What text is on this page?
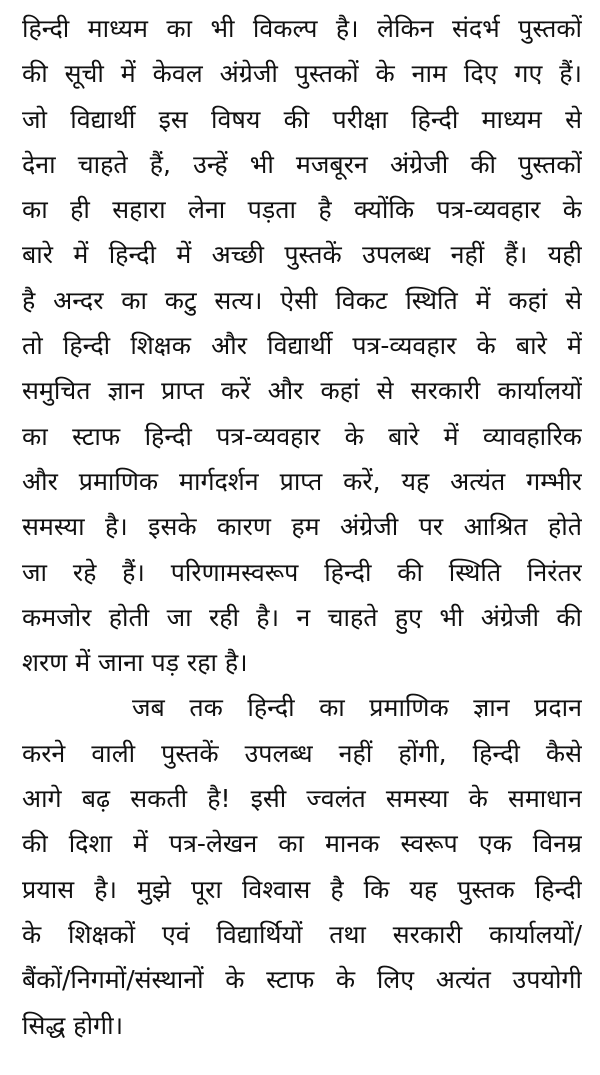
हिन्दी माध्यम का भी विकल्प है। लेकिन संदर्भ पुस्तकों
की सूची में केवल अंग्रेजी पुस्तकों के नाम दिए गए हैं।
जो विद्यार्थी इस विषय की परीक्षा हिन्दी माध्यम से
देना चाहते हैं, उन्हें भी मजबूरन अंग्रेजी की पुस्तकों
का ही सहारा लेना पड़ता है क्योंकि पत्र-व्यवहार के
बारे में हिन्दी में अच्छी पुस्तकें उपलब्ध नहीं हैं। यही
है अन्दर का कटु सत्य। ऐसी विकट स्थिति में कहां से
तो हिन्दी शिक्षक और विद्यार्थी पत्र-व्यवहार के बारे में
समुचित ज्ञान प्राप्त करें और कहां से सरकारी कार्यालयों
का स्टाफ हिन्दी पत्र-व्यवहार के बारे में व्यावहारिक
और प्रमाणिक मार्गदर्शन प्राप्त करें, यह अत्यंत गम्भीर
समस्या है। इसके कारण हम अंग्रेजी पर आश्रित होते
जा रहे हैं। परिणामस्वरूप हिन्दी की स्थिति निरंतर
कमजोर होती जा रही है। न चाहते हुए भी अंग्रेजी की
शरण में जाना पड़ रहा है।
जब तक हिन्दी का प्रमाणिक ज्ञान प्रदान
करने वाली पुस्तकें उपलब्ध नहीं होंगी, हिन्दी कैसे
आगे बढ़ सकती है! इसी ज्वलंत समस्या के समाधान
की दिशा में पत्र-लेखन का मानक स्वरूप एक विनम्र
प्रयास है। मुझे पूरा विश्वास है कि यह पुस्तक हिन्दी
के शिक्षकों एवं विद्यार्थियों तथा सरकारी कार्यालयों/
बैंकों/निगमों/संस्थानों के स्टाफ के लिए अत्यंत उपयोगी
सिद्ध होगी।
